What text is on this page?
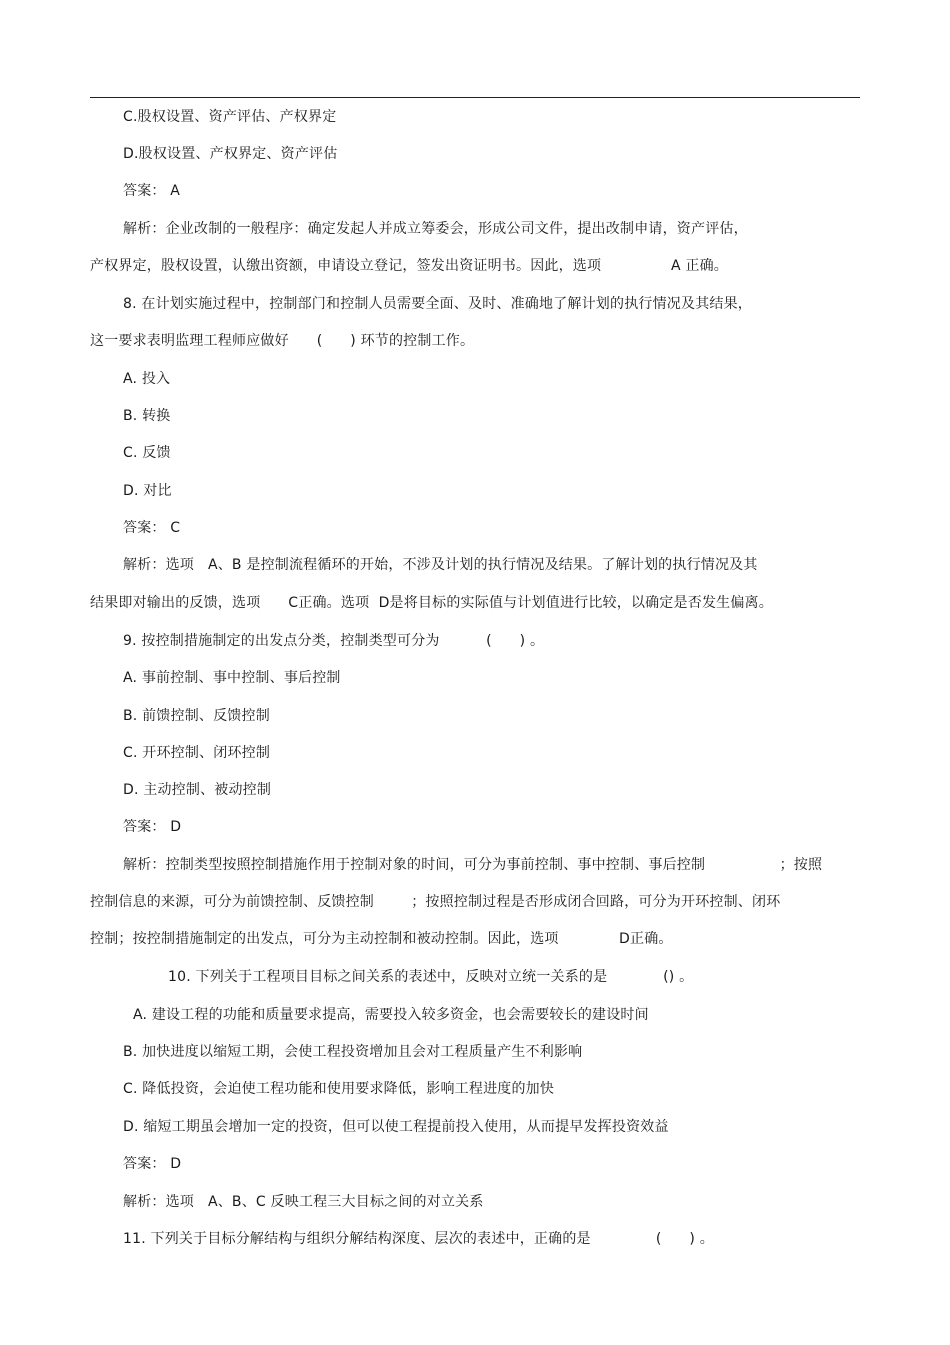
C.股权设置、资产评估、产权界定
D.股权设置、产权界定、资产评估
答案： A
解析：企业改制的一般程序：确定发起人并成立筹委会，形成公司文件，提出改制申请，资产评估，
产权界定，股权设置，认缴出资额，申请设立登记，签发出资证明书。因此，选项               A 正确。
8. 在计划实施过程中，控制部门和控制人员需要全面、及时、准确地了解计划的执行情况及其结果，
这一要求表明监理工程师应做好      (      ) 环节的控制工作。
A. 投入
B. 转换
C. 反馈
D. 对比
答案： C
解析：选项   A、B 是控制流程循环的开始，不涉及计划的执行情况及结果。了解计划的执行情况及其
结果即对输出的反馈，选项      C正确。选项  D是将目标的实际值与计划值进行比较，以确定是否发生偏离。
9. 按控制措施制定的出发点分类，控制类型可分为          (      ) 。
A. 事前控制、事中控制、事后控制
B. 前馈控制、反馈控制
C. 开环控制、闭环控制
D. 主动控制、被动控制
答案： D
解析：控制类型按照控制措施作用于控制对象的时间，可分为事前控制、事中控制、事后控制                ；按照
控制信息的来源，可分为前馈控制、反馈控制        ；按照控制过程是否形成闭合回路，可分为开环控制、闭环
控制；按控制措施制定的出发点，可分为主动控制和被动控制。因此，选项             D正确。
10. 下列关于工程项目目标之间关系的表述中，反映对立统一关系的是            () 。
A. 建设工程的功能和质量要求提高，需要投入较多资金，也会需要较长的建设时间
B. 加快进度以缩短工期，会使工程投资增加且会对工程质量产生不利影响
C. 降低投资，会迫使工程功能和使用要求降低，影响工程进度的加快
D. 缩短工期虽会增加一定的投资，但可以使工程提前投入使用，从而提早发挥投资效益
答案： D
解析：选项   A、B、C 反映工程三大目标之间的对立关系
11. 下列关于目标分解结构与组织分解结构深度、层次的表述中，正确的是              (      ) 。
